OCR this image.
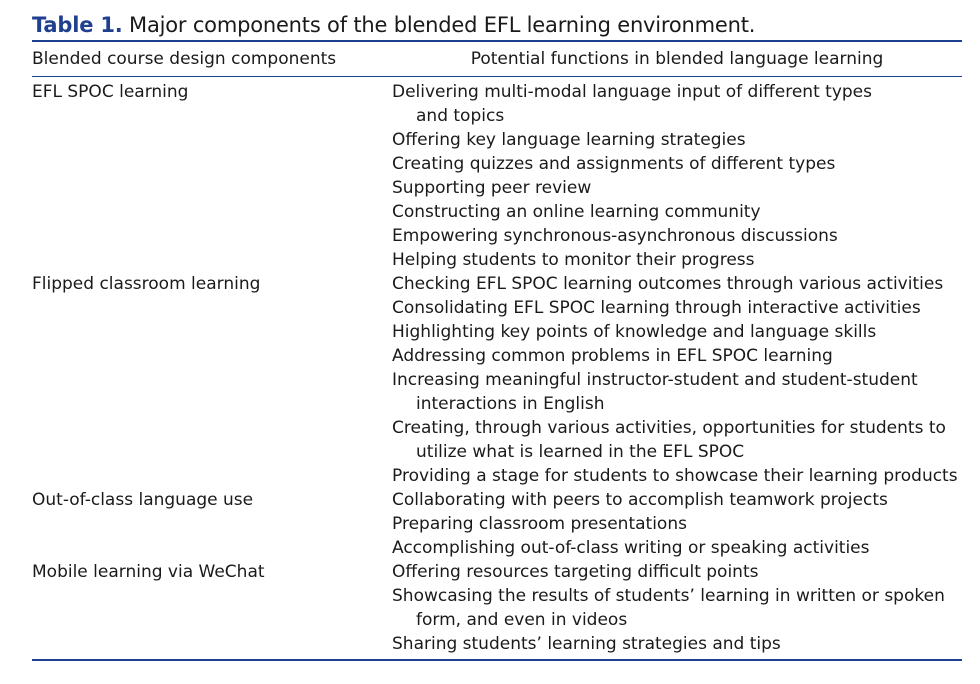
Table 1. Major components of the blended EFL learning environment.
Blended course design components	Potential functions in blended language learning
EFL SPOC learning	Delivering multi-modal language input of different types
and topics
Offering key language learning strategies
Creating quizzes and assignments of different types
Supporting peer review
Constructing an online learning community
Empowering synchronous-asynchronous discussions
Helping students to monitor their progress
Flipped classroom learning	Checking EFL SPOC learning outcomes through various activities
Consolidating EFL SPOC learning through interactive activities
Highlighting key points of knowledge and language skills
Addressing common problems in EFL SPOC learning
Increasing meaningful instructor-student and student-student
interactions in English
Creating, through various activities, opportunities for students to
utilize what is learned in the EFL SPOC
Providing a stage for students to showcase their learning products
Out-of-class language use	Collaborating with peers to accomplish teamwork projects
Preparing classroom presentations
Accomplishing out-of-class writing or speaking activities
Mobile learning via WeChat	Offering resources targeting difficult points
Showcasing the results of students’ learning in written or spoken
form, and even in videos
Sharing students’ learning strategies and tips
